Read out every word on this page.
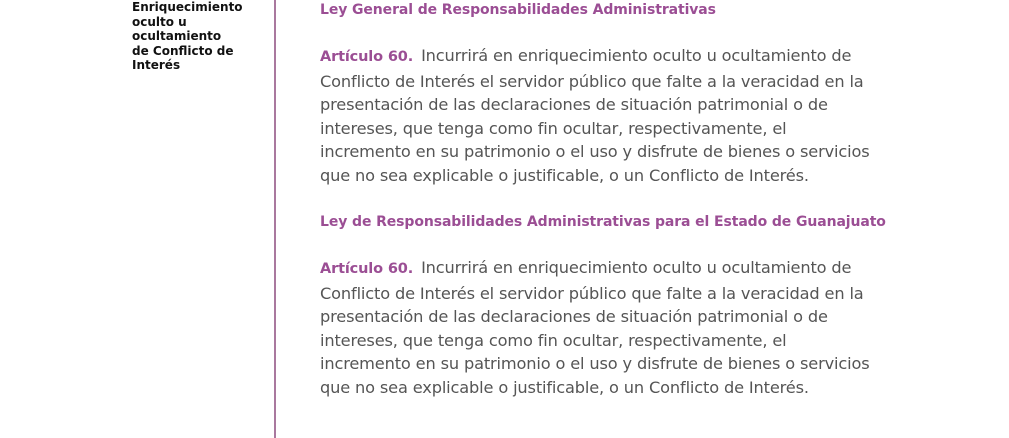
Enriquecimiento
oculto u
ocultamiento
de Conflicto de
Interés
Ley General de Responsabilidades Administrativas
Artículo 60. Incurrirá en enriquecimiento oculto u ocultamiento de Conflicto de Interés el servidor público que falte a la veracidad en la presentación de las declaraciones de situación patrimonial o de intereses, que tenga como fin ocultar, respectivamente, el incremento en su patrimonio o el uso y disfrute de bienes o servicios que no sea explicable o justificable, o un Conflicto de Interés.
Ley de Responsabilidades Administrativas para el Estado de Guanajuato
Artículo 60. Incurrirá en enriquecimiento oculto u ocultamiento de Conflicto de Interés el servidor público que falte a la veracidad en la presentación de las declaraciones de situación patrimonial o de intereses, que tenga como fin ocultar, respectivamente, el incremento en su patrimonio o el uso y disfrute de bienes o servicios que no sea explicable o justificable, o un Conflicto de Interés.
